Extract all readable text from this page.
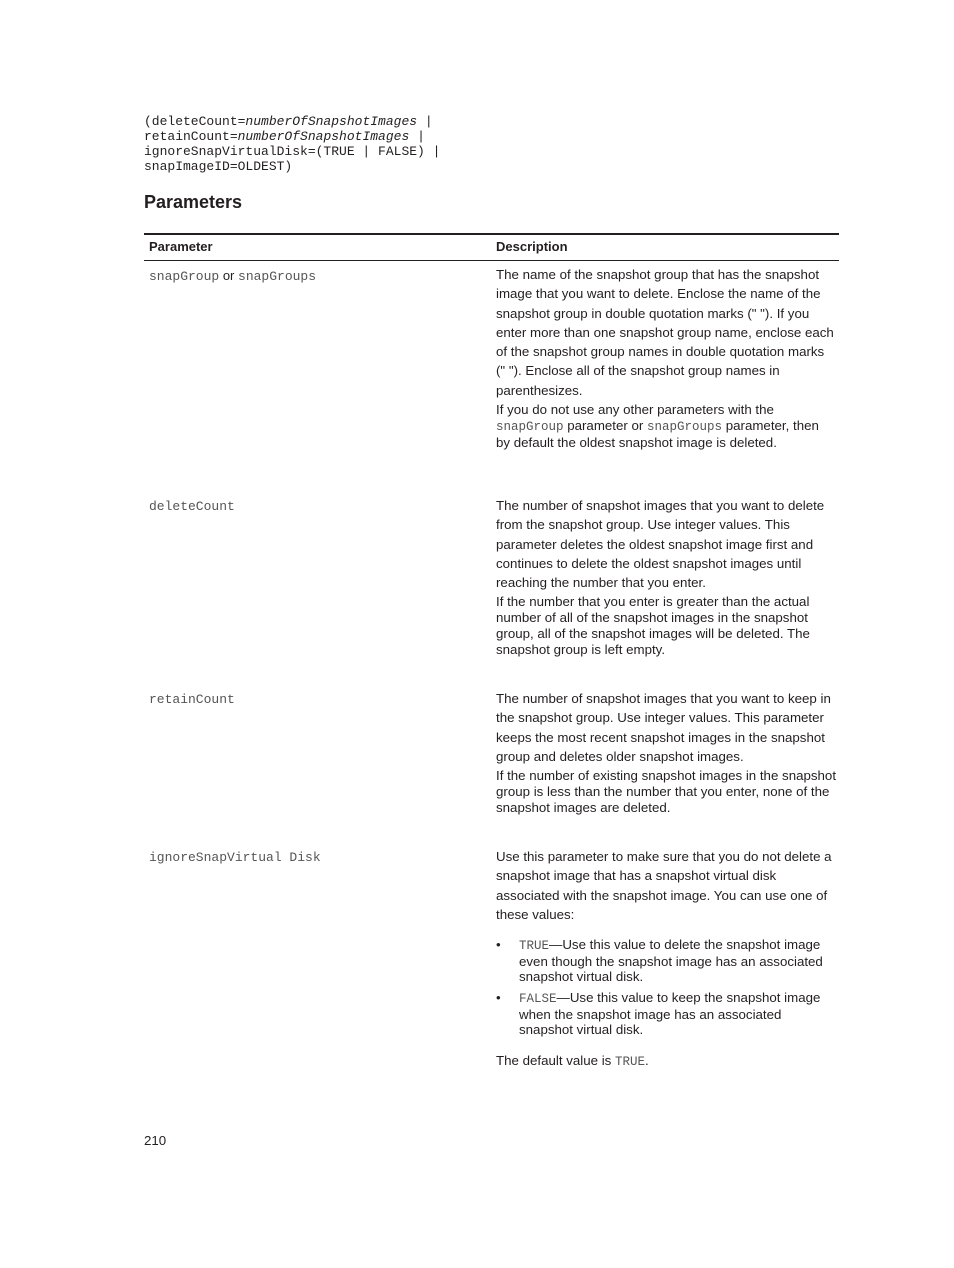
(deleteCount=numberOfSnapshotImages |
retainCount=numberOfSnapshotImages |
ignoreSnapVirtualDisk=(TRUE | FALSE) |
snapImageID=OLDEST)
Parameters
Parameter	Description
snapGroup or snapGroups	The name of the snapshot group that has the snapshot image that you want to delete. Enclose the name of the snapshot group in double quotation marks (" "). If you enter more than one snapshot group name, enclose each of the snapshot group names in double quotation marks (" "). Enclose all of the snapshot group names in parenthesizes.

If you do not use any other parameters with the snapGroup parameter or snapGroups parameter, then by default the oldest snapshot image is deleted.

deleteCount	The number of snapshot images that you want to delete from the snapshot group. Use integer values. This parameter deletes the oldest snapshot image first and continues to delete the oldest snapshot images until reaching the number that you enter.

If the number that you enter is greater than the actual number of all of the snapshot images in the snapshot group, all of the snapshot images will be deleted. The snapshot group is left empty.

retainCount	The number of snapshot images that you want to keep in the snapshot group. Use integer values. This parameter keeps the most recent snapshot images in the snapshot group and deletes older snapshot images.

If the number of existing snapshot images in the snapshot group is less than the number that you enter, none of the snapshot images are deleted.

ignoreSnapVirtual Disk	Use this parameter to make sure that you do not delete a snapshot image that has a snapshot virtual disk associated with the snapshot image. You can use one of these values:

• TRUE—Use this value to delete the snapshot image even though the snapshot image has an associated snapshot virtual disk.
• FALSE—Use this value to keep the snapshot image when the snapshot image has an associated snapshot virtual disk.

The default value is TRUE.

210
